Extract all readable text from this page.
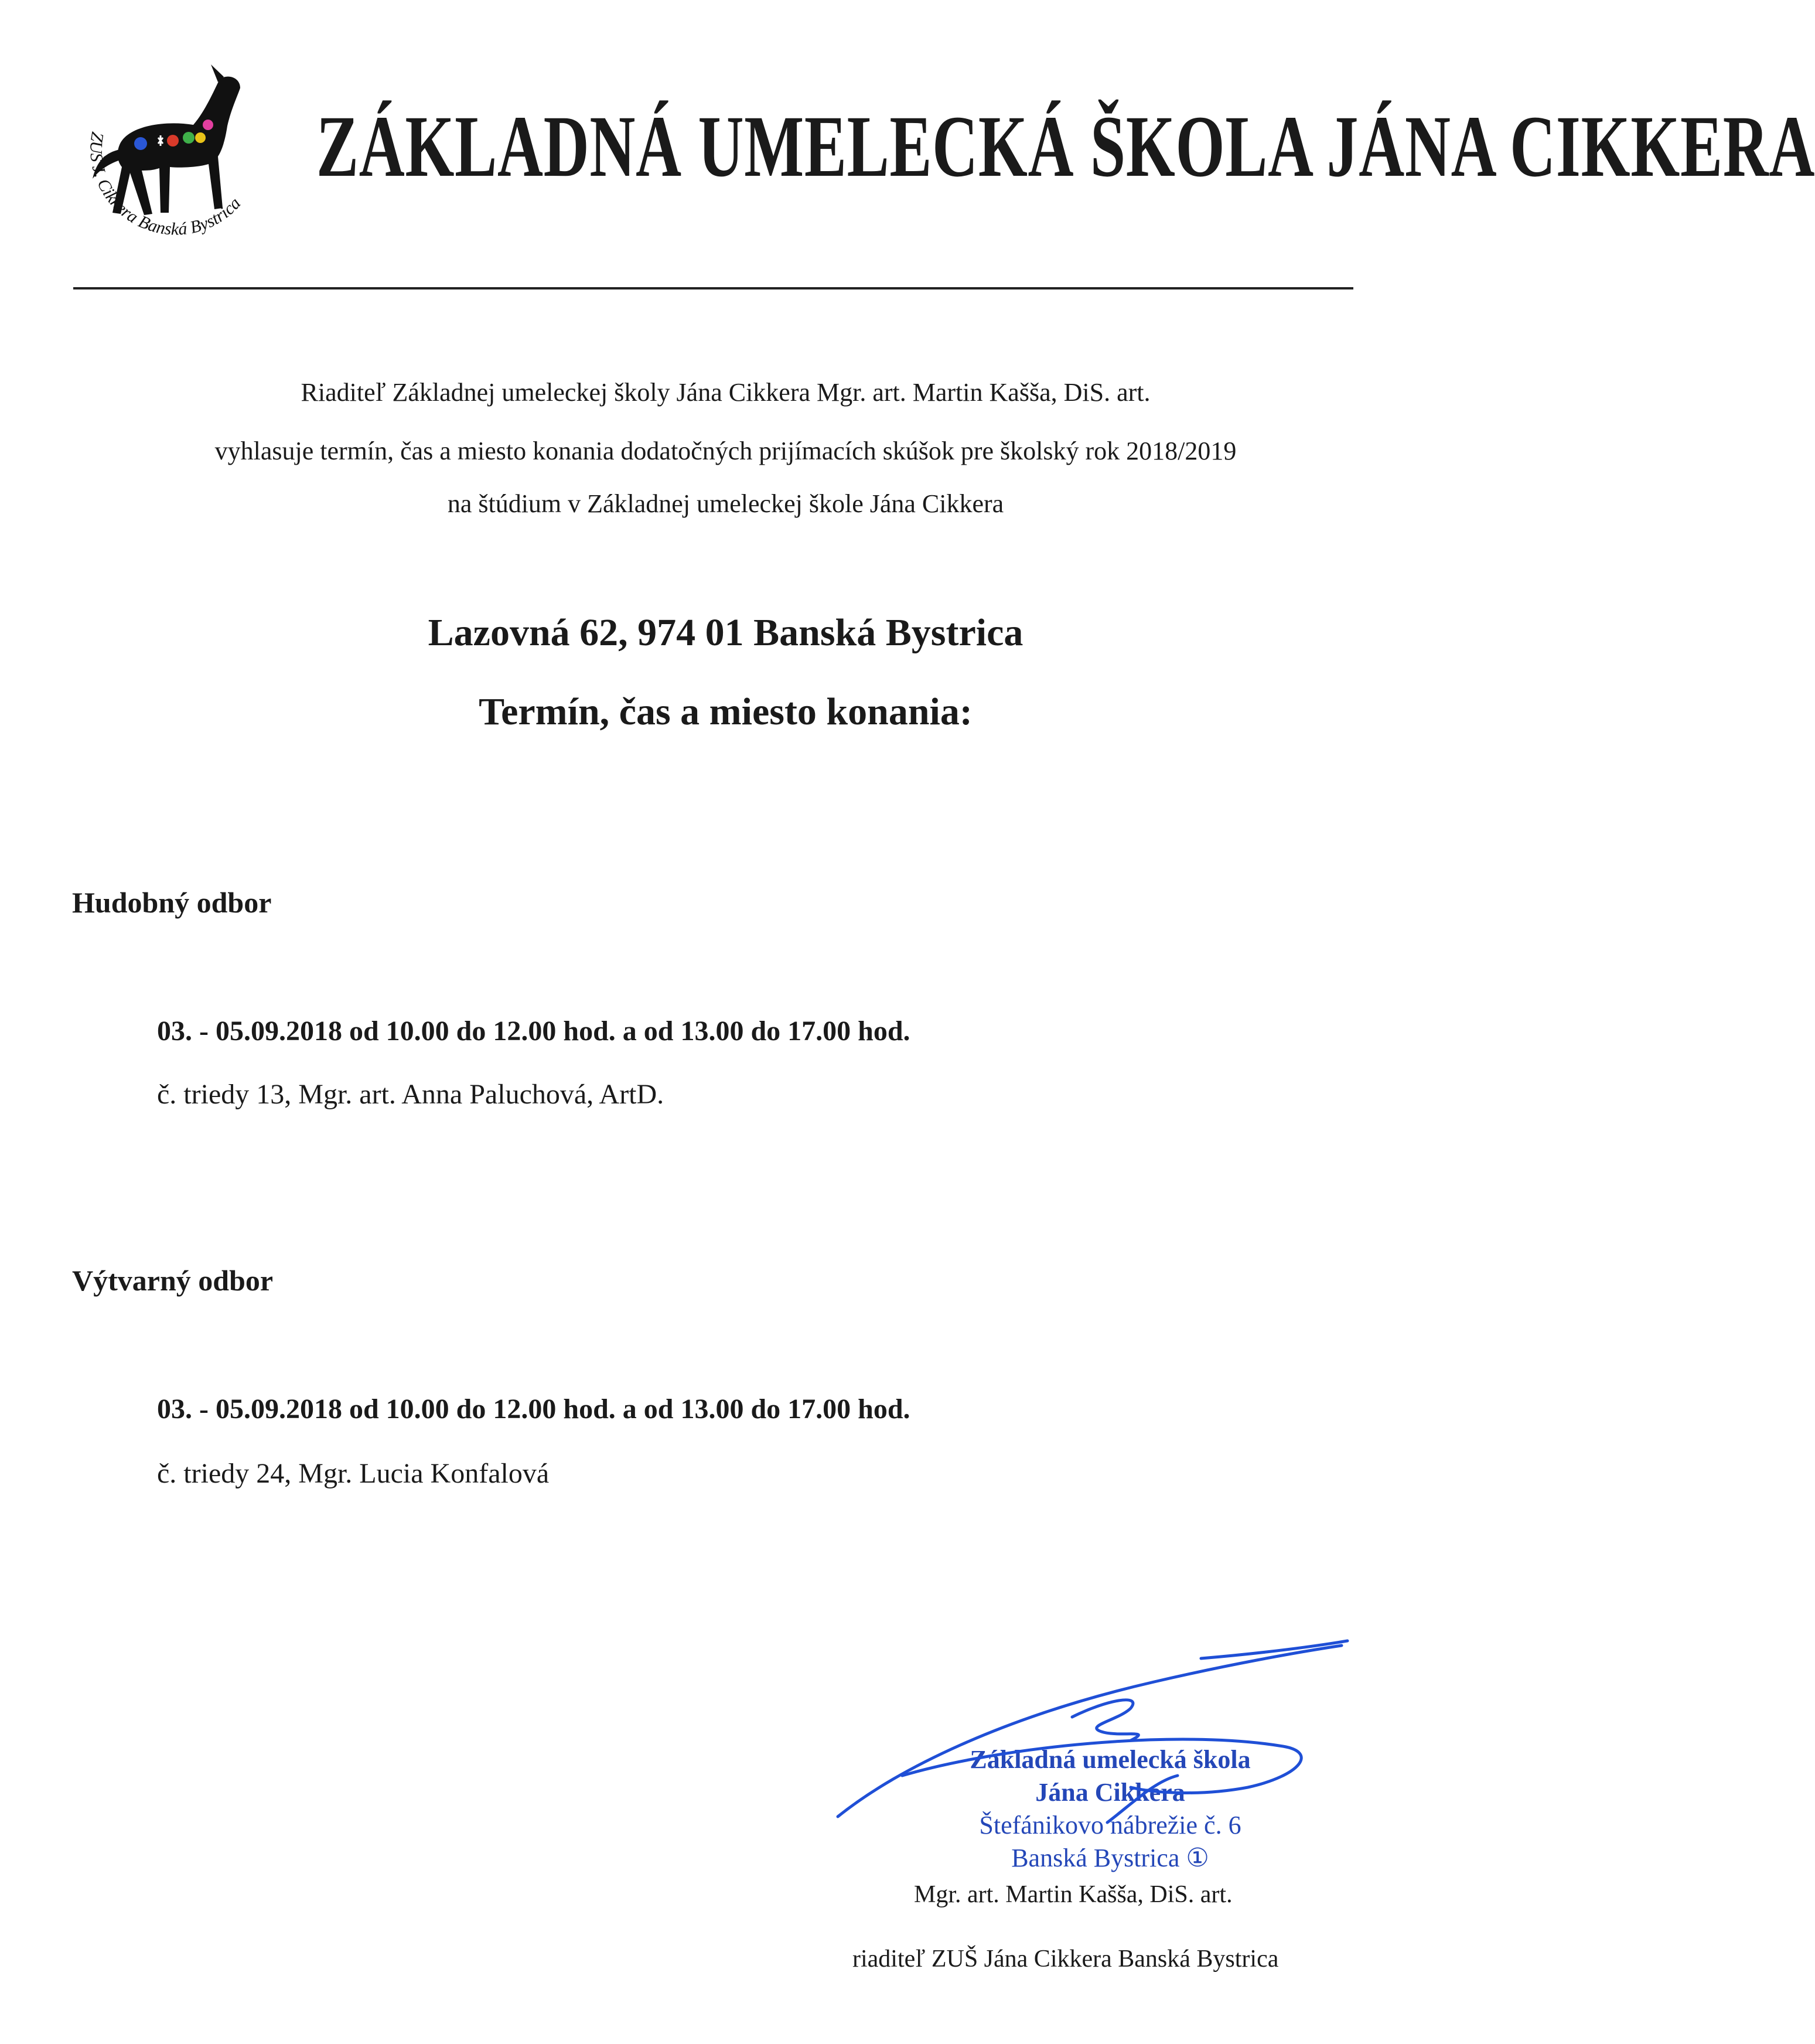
ZUŠ J. Cikkera Banská Bystrica
ZÁKLADNÁ UMELECKÁ ŠKOLA JÁNA CIKKERA
Riaditeľ Základnej umeleckej školy Jána Cikkera Mgr. art. Martin Kašša, DiS. art.
vyhlasuje termín, čas a miesto konania dodatočných prijímacích skúšok pre školský rok 2018/2019
na štúdium v Základnej umeleckej škole Jána Cikkera
Lazovná 62, 974 01 Banská Bystrica
Termín, čas a miesto konania:
Hudobný odbor
03. - 05.09.2018 od 10.00 do 12.00 hod. a od 13.00 do 17.00 hod.
č. triedy 13, Mgr. art. Anna Paluchová, ArtD.
Výtvarný odbor
03. - 05.09.2018 od 10.00 do 12.00 hod. a od 13.00 do 17.00 hod.
č. triedy 24, Mgr. Lucia Konfalová
Základná umelecká škola
Jána Cikkera
Štefánikovo nábrežie č. 6
Banská Bystrica ①
Mgr. art. Martin Kašša, DiS. art.
riaditeľ ZUŠ Jána Cikkera Banská Bystrica
